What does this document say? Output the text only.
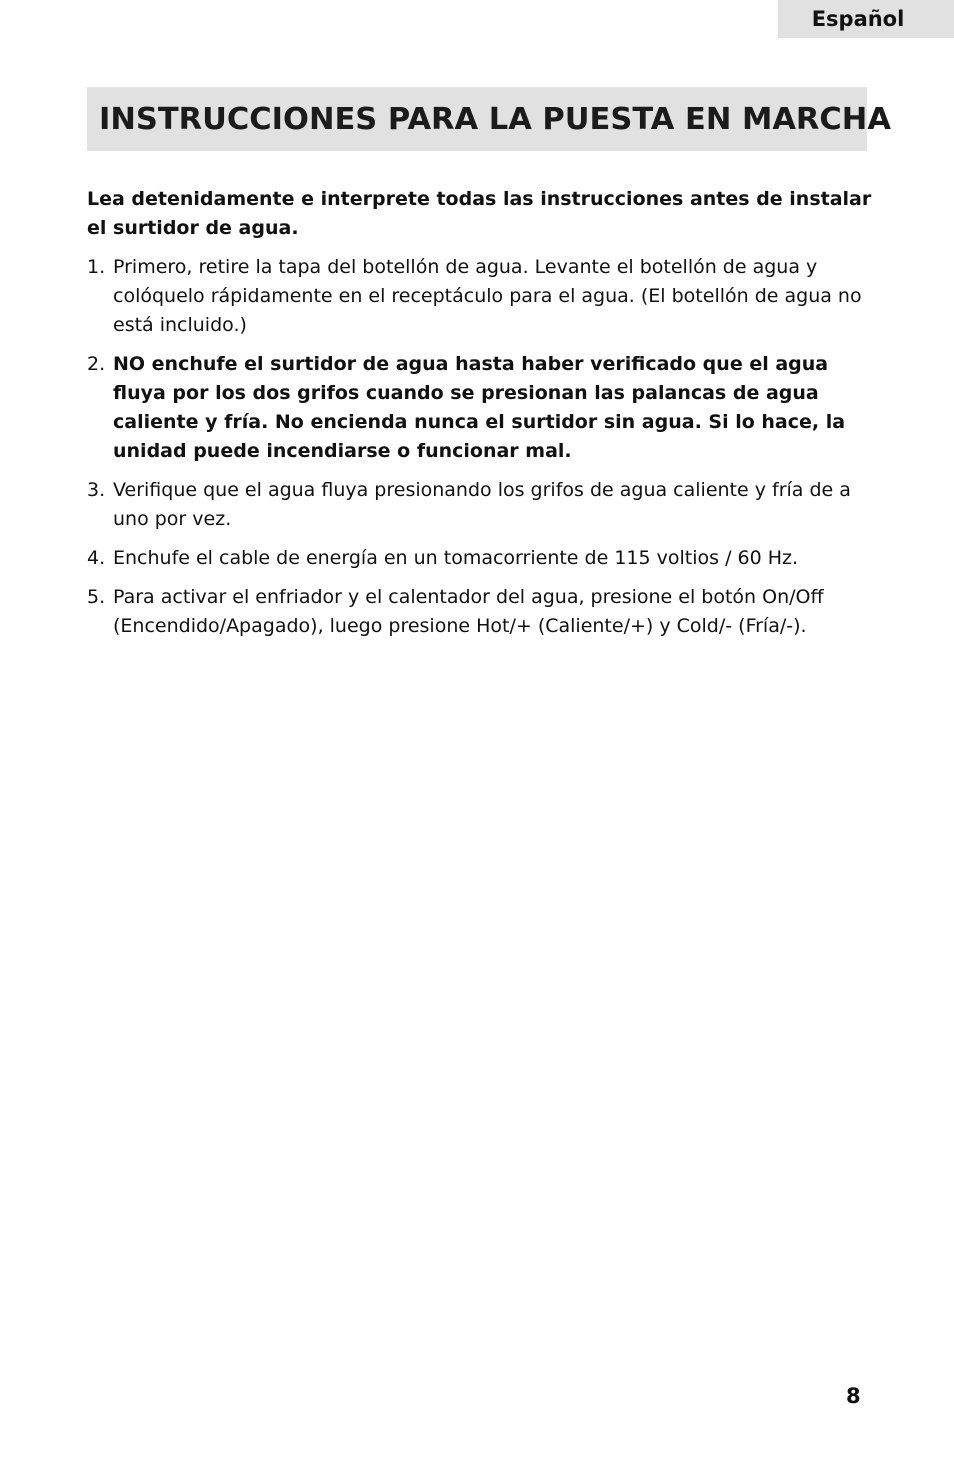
Español
INSTRUCCIONES PARA LA PUESTA EN MARCHA

Lea detenidamente e interprete todas las instrucciones antes de instalar el surtidor de agua.

1. Primero, retire la tapa del botellón de agua. Levante el botellón de agua y colóquelo rápidamente en el receptáculo para el agua. (El botellón de agua no está incluido.)
2. NO enchufe el surtidor de agua hasta haber verificado que el agua fluya por los dos grifos cuando se presionan las palancas de agua caliente y fría. No encienda nunca el surtidor sin agua. Si lo hace, la unidad puede incendiarse o funcionar mal.
3. Verifique que el agua fluya presionando los grifos de agua caliente y fría de a uno por vez.
4. Enchufe el cable de energía en un tomacorriente de 115 voltios / 60 Hz.
5. Para activar el enfriador y el calentador del agua, presione el botón On/Off (Encendido/Apagado), luego presione Hot/+ (Caliente/+) y Cold/- (Fría/-).
8
